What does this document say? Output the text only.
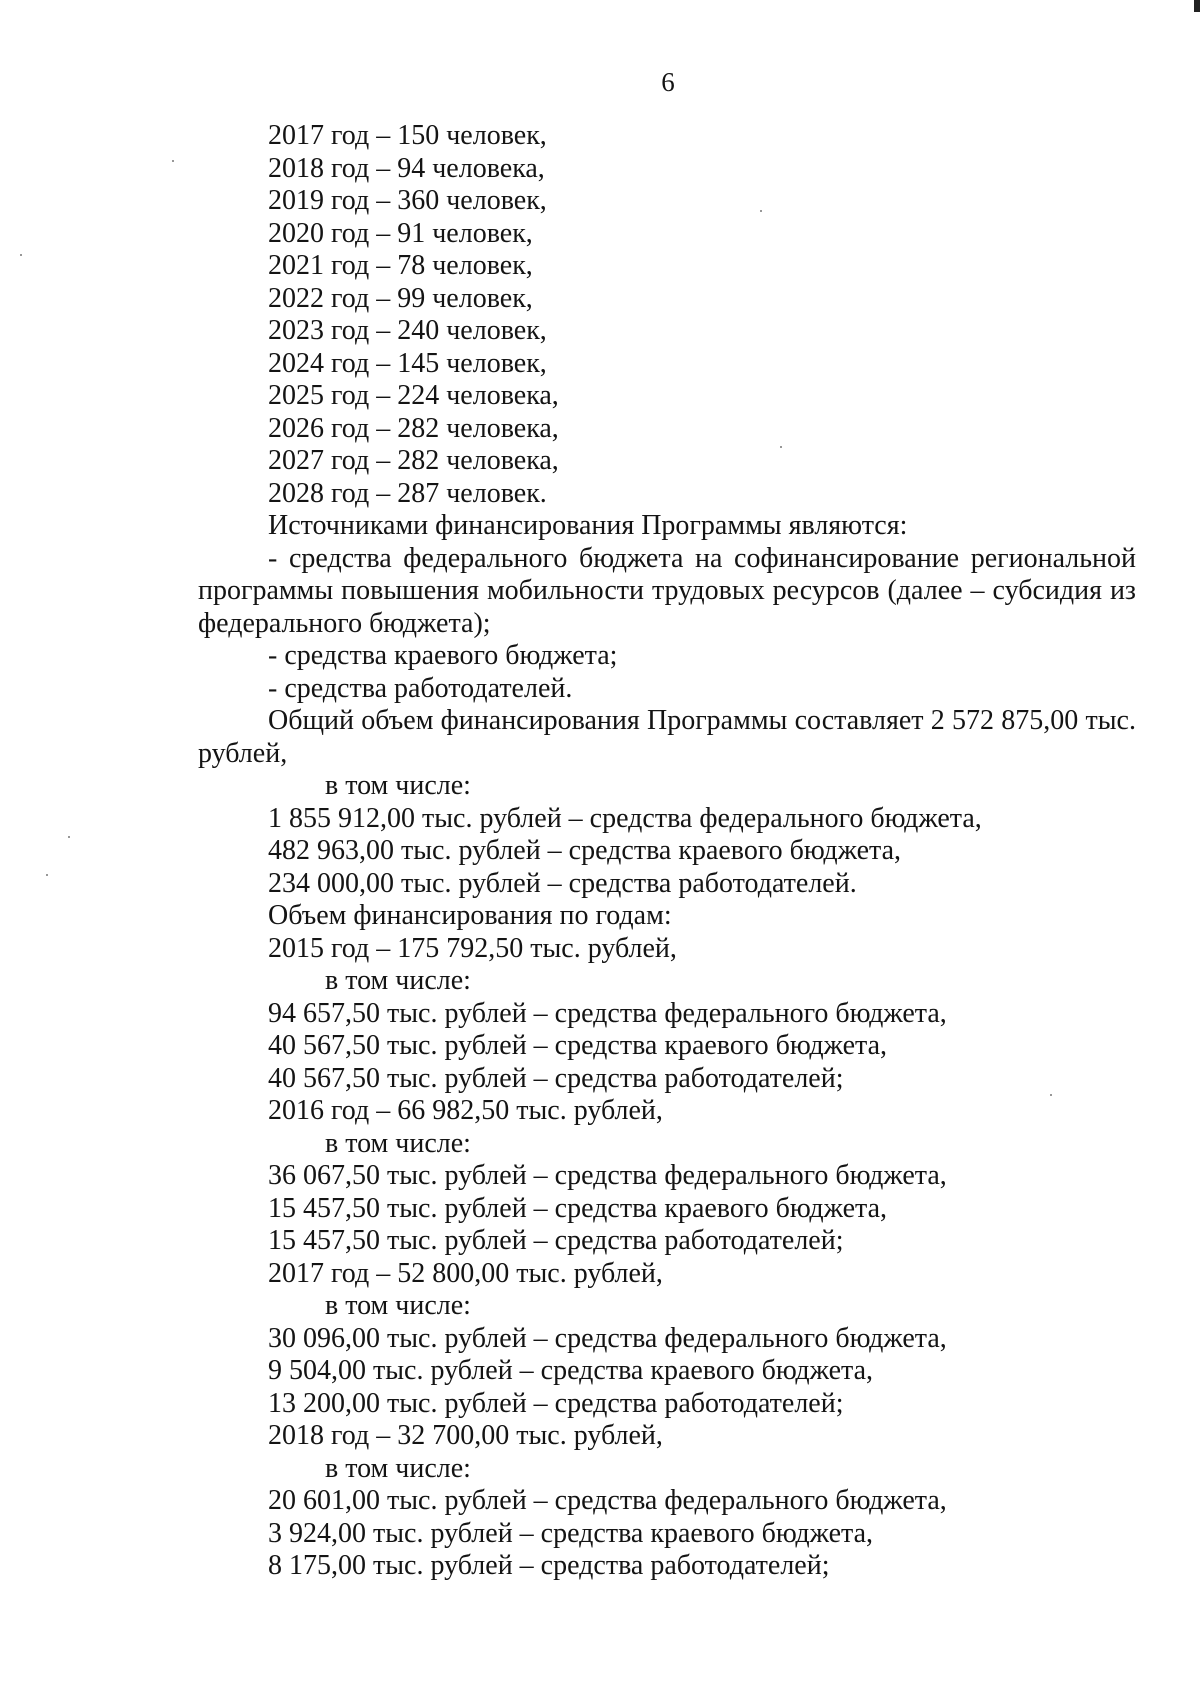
6
2017 год – 150 человек,
2018 год – 94 человека,
2019 год – 360 человек,
2020 год – 91 человек,
2021 год – 78 человек,
2022 год – 99 человек,
2023 год – 240 человек,
2024 год – 145 человек,
2025 год – 224 человека,
2026 год – 282 человека,
2027 год – 282 человека,
2028 год – 287 человек.
Источниками финансирования Программы являются:
- средства федерального бюджета на софинансирование региональной
программы повышения мобильности трудовых ресурсов (далее – субсидия из
федерального бюджета);
- средства краевого бюджета;
- средства работодателей.
Общий объем финансирования Программы составляет 2 572 875,00 тыс.
рублей,
в том числе:
1 855 912,00 тыс. рублей – средства федерального бюджета,
482 963,00 тыс. рублей – средства краевого бюджета,
234 000,00 тыс. рублей – средства работодателей.
Объем финансирования по годам:
2015 год – 175 792,50 тыс. рублей,
в том числе:
94 657,50 тыс. рублей – средства федерального бюджета,
40 567,50 тыс. рублей – средства краевого бюджета,
40 567,50 тыс. рублей – средства работодателей;
2016 год – 66 982,50 тыс. рублей,
в том числе:
36 067,50 тыс. рублей – средства федерального бюджета,
15 457,50 тыс. рублей – средства краевого бюджета,
15 457,50 тыс. рублей – средства работодателей;
2017 год – 52 800,00 тыс. рублей,
в том числе:
30 096,00 тыс. рублей – средства федерального бюджета,
9 504,00 тыс. рублей – средства краевого бюджета,
13 200,00 тыс. рублей – средства работодателей;
2018 год – 32 700,00 тыс. рублей,
в том числе:
20 601,00 тыс. рублей – средства федерального бюджета,
3 924,00 тыс. рублей – средства краевого бюджета,
8 175,00 тыс. рублей – средства работодателей;
